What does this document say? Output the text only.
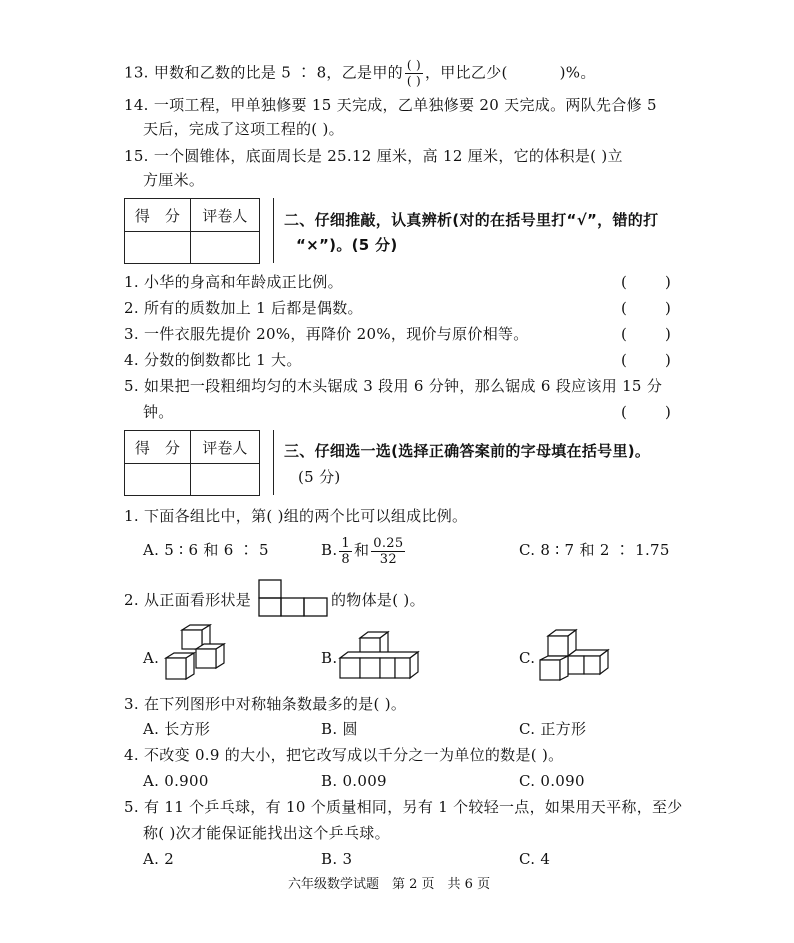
13. 甲数和乙数的比是 5 ∶ 8，乙是甲的 $\frac{( )}{( )}$ ，甲比乙少(	)%。
14. 一项工程，甲单独修要 15 天完成，乙单独修要 20 天完成。两队先合修 5
天后，完成了这项工程的( )。
15. 一个圆锥体，底面周长是 25.12 厘米，高 12 厘米，它的体积是( )立
方厘米。
得　分	评卷人
	二、仔细推敲，认真辨析(对的在括号里打“√”，错的打
“×”)。(5 分)
1. 小华的身高和年龄成正比例。	(        )
2. 所有的质数加上 1 后都是偶数。	(        )
3. 一件衣服先提价 20%，再降价 20%，现价与原价相等。	(        )
4. 分数的倒数都比 1 大。	(        )
5. 如果把一段粗细均匀的木头锯成 3 段用 6 分钟，那么锯成 6 段应该用 15 分
钟。	(        )
得　分	评卷人
	三、仔细选一选(选择正确答案前的字母填在括号里)。
(5 分)
1. 下面各组比中，第( )组的两个比可以组成比例。
A. 5 ∶ 6 和 6 ∶ 5	B. $\frac{1}{8}$ 和 $\frac{0.25}{32}$	C. 8 ∶ 7 和 2 ∶ 1.75
2. 从正面看形状是	的物体是( )。
A.	B.	C.
3. 在下列图形中对称轴条数最多的是( )。
A. 长方形	B. 圆	C. 正方形
4. 不改变 0.9 的大小，把它改写成以千分之一为单位的数是( )。
A. 0.900	B. 0.009	C. 0.090
5. 有 11 个乒乓球，有 10 个质量相同，另有 1 个较轻一点，如果用天平称，至少
称( )次才能保证能找出这个乒乓球。
A. 2	B. 3	C. 4
六年级数学试题　第 2 页　共 6 页
